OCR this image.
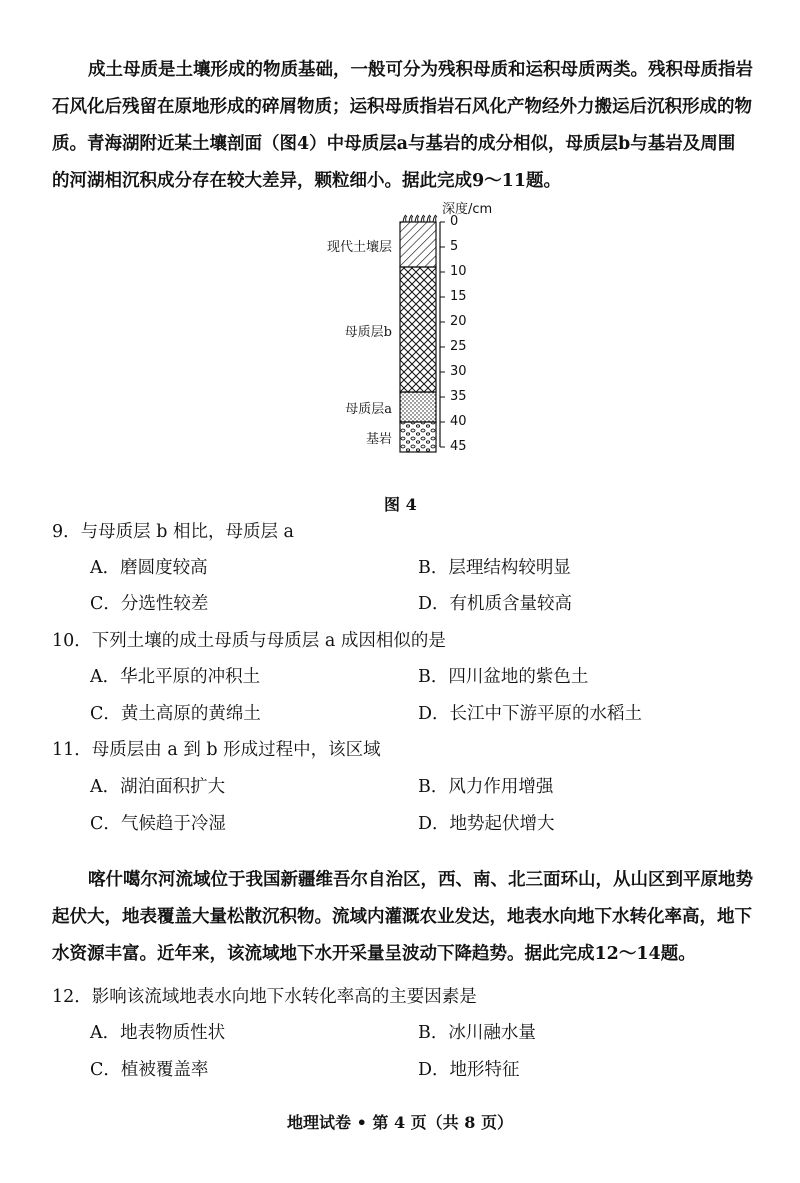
成土母质是土壤形成的物质基础，一般可分为残积母质和运积母质两类。残积母质指岩
石风化后残留在原地形成的碎屑物质；运积母质指岩石风化产物经外力搬运后沉积形成的物
质。青海湖附近某土壤剖面（图4）中母质层a与基岩的成分相似，母质层b与基岩及周围
的河湖相沉积成分存在较大差异，颗粒细小。据此完成9～11题。
深度/cm
0
5
10
15
20
25
30
35
40
45
现代土壤层
母质层b
母质层a
基岩
图 4
9．与母质层 b 相比，母质层 a
A．磨圆度较高	B．层理结构较明显
C．分选性较差	D．有机质含量较高
10．下列土壤的成土母质与母质层 a 成因相似的是
A．华北平原的冲积土	B．四川盆地的紫色土
C．黄土高原的黄绵土	D．长江中下游平原的水稻土
11．母质层由 a 到 b 形成过程中，该区域
A．湖泊面积扩大	B．风力作用增强
C．气候趋于冷湿	D．地势起伏增大
喀什噶尔河流域位于我国新疆维吾尔自治区，西、南、北三面环山，从山区到平原地势
起伏大，地表覆盖大量松散沉积物。流域内灌溉农业发达，地表水向地下水转化率高，地下
水资源丰富。近年来，该流域地下水开采量呈波动下降趋势。据此完成12～14题。
12．影响该流域地表水向地下水转化率高的主要因素是
A．地表物质性状	B．冰川融水量
C．植被覆盖率	D．地形特征
地理试卷 • 第 4 页（共 8 页）
